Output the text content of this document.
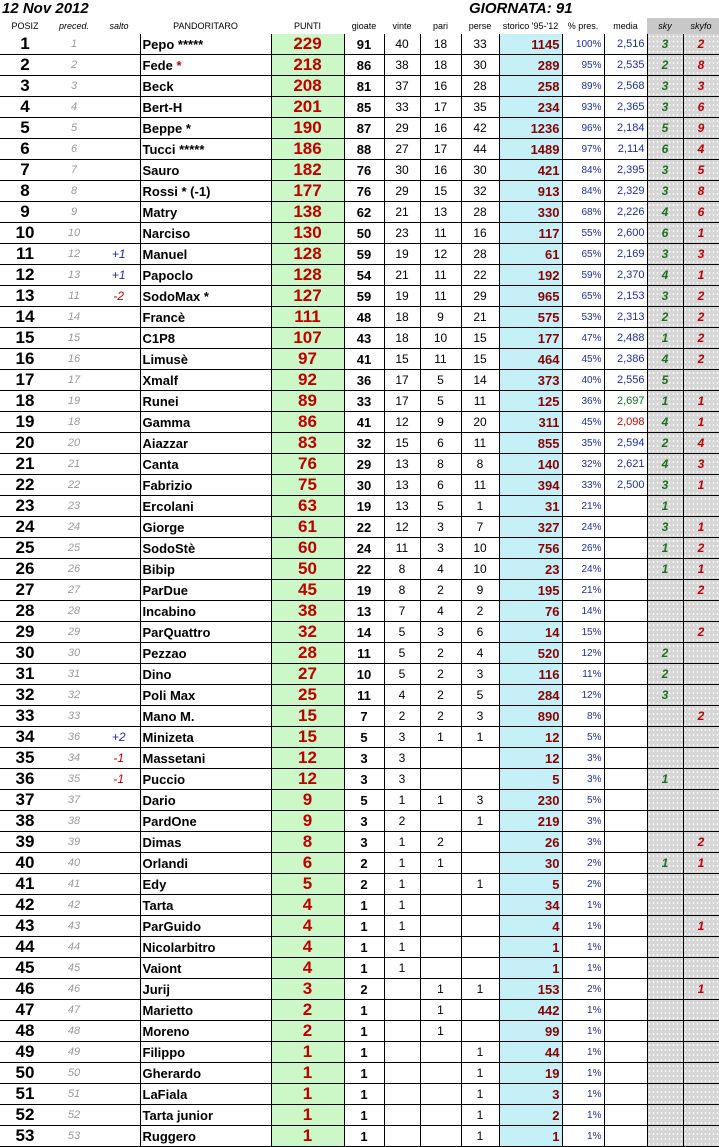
12 Nov 2012	GIORNATA: 91
POSIZ	preced.	salto	PANDORITARO	PUNTI	gioate	vinte	pari	perse	storico '95-'12	% pres.	media	sky	skyfo
1	1		Pepo *****	229	91	40	18	33	1145	100%	2,516	3	2
2	2		Fede *	218	86	38	18	30	289	95%	2,535	2	8
3	3		Beck	208	81	37	16	28	258	89%	2,568	3	3
4	4		Bert-H	201	85	33	17	35	234	93%	2,365	3	6
5	5		Beppe *	190	87	29	16	42	1236	96%	2,184	5	9
6	6		Tucci *****	186	88	27	17	44	1489	97%	2,114	6	4
7	7		Sauro	182	76	30	16	30	421	84%	2,395	3	5
8	8		Rossi * (-1)	177	76	29	15	32	913	84%	2,329	3	8
9	9		Matry	138	62	21	13	28	330	68%	2,226	4	6
10	10		Narciso	130	50	23	11	16	117	55%	2,600	6	1
11	12	+1	Manuel	128	59	19	12	28	61	65%	2,169	3	3
12	13	+1	Papoclo	128	54	21	11	22	192	59%	2,370	4	1
13	11	-2	SodoMax *	127	59	19	11	29	965	65%	2,153	3	2
14	14		Francè	111	48	18	9	21	575	53%	2,313	2	2
15	15		C1P8	107	43	18	10	15	177	47%	2,488	1	2
16	16		Limusè	97	41	15	11	15	464	45%	2,386	4	2
17	17		Xmalf	92	36	17	5	14	373	40%	2,556	5	
18	19		Runei	89	33	17	5	11	125	36%	2,697	1	1
19	18		Gamma	86	41	12	9	20	311	45%	2,098	4	1
20	20		Aiazzar	83	32	15	6	11	855	35%	2,594	2	4
21	21		Canta	76	29	13	8	8	140	32%	2,621	4	3
22	22		Fabrizio	75	30	13	6	11	394	33%	2,500	3	1
23	23		Ercolani	63	19	13	5	1	31	21%		1	
24	24		Giorge	61	22	12	3	7	327	24%		3	1
25	25		SodoStè	60	24	11	3	10	756	26%		1	2
26	26		Bibip	50	22	8	4	10	23	24%		1	1
27	27		ParDue	45	19	8	2	9	195	21%			2
28	28		Incabino	38	13	7	4	2	76	14%			
29	29		ParQuattro	32	14	5	3	6	14	15%			2
30	30		Pezzao	28	11	5	2	4	520	12%		2	
31	31		Dino	27	10	5	2	3	116	11%		2	
32	32		Poli Max	25	11	4	2	5	284	12%		3	
33	33		Mano M.	15	7	2	2	3	890	8%			2
34	36	+2	Minizeta	15	5	3	1	1	12	5%			
35	34	-1	Massetani	12	3	3			12	3%			
36	35	-1	Puccio	12	3	3			5	3%		1	
37	37		Dario	9	5	1	1	3	230	5%			
38	38		PardOne	9	3	2		1	219	3%			
39	39		Dimas	8	3	1	2		26	3%			2
40	40		Orlandi	6	2	1	1		30	2%		1	1
41	41		Edy	5	2	1		1	5	2%			
42	42		Tarta	4	1	1			34	1%			
43	43		ParGuido	4	1	1			4	1%			1
44	44		Nicolarbitro	4	1	1			1	1%			
45	45		Vaiont	4	1	1			1	1%			
46	46		Jurij	3	2		1	1	153	2%			1
47	47		Marietto	2	1		1		442	1%			
48	48		Moreno	2	1		1		99	1%			
49	49		Filippo	1	1			1	44	1%			
50	50		Gherardo	1	1			1	19	1%			
51	51		LaFiala	1	1			1	3	1%			
52	52		Tarta junior	1	1			1	2	1%			
53	53		Ruggero	1	1			1	1	1%			
